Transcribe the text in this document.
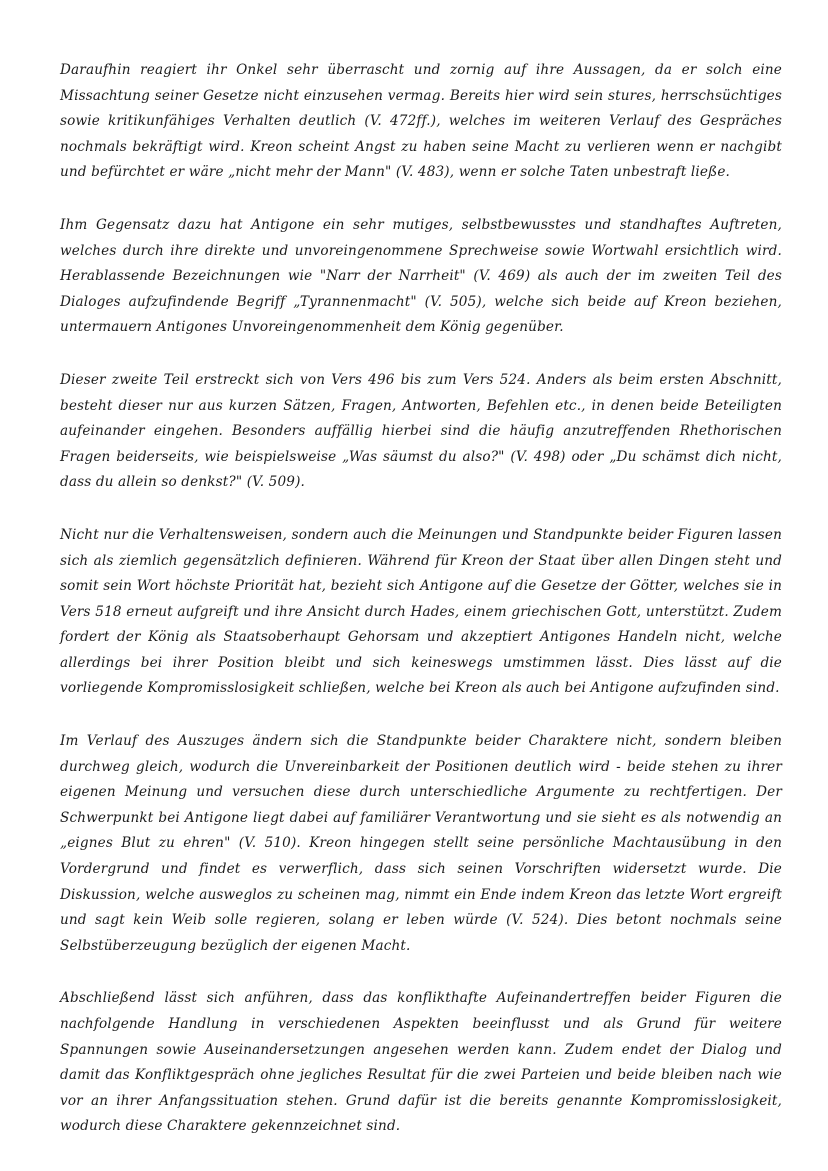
Daraufhin reagiert ihr Onkel sehr überrascht und zornig auf ihre Aussagen, da er solch eine Missachtung seiner Gesetze nicht einzusehen vermag. Bereits hier wird sein stures, herrschsüchtiges sowie kritikunfähiges Verhalten deutlich (V. 472ff.), welches im weiteren Verlauf des Gespräches nochmals bekräftigt wird. Kreon scheint Angst zu haben seine Macht zu verlieren wenn er nachgibt und befürchtet er wäre „nicht mehr der Mann" (V. 483), wenn er solche Taten unbestraft ließe.

Ihm Gegensatz dazu hat Antigone ein sehr mutiges, selbstbewusstes und standhaftes Auftreten, welches durch ihre direkte und unvoreingenommene Sprechweise sowie Wortwahl ersichtlich wird. Herablassende Bezeichnungen wie "Narr der Narrheit" (V. 469) als auch der im zweiten Teil des Dialoges aufzufindende Begriff „Tyrannenmacht" (V. 505), welche sich beide auf Kreon beziehen, untermauern Antigones Unvoreingenommenheit dem König gegenüber.

Dieser zweite Teil erstreckt sich von Vers 496 bis zum Vers 524. Anders als beim ersten Abschnitt, besteht dieser nur aus kurzen Sätzen, Fragen, Antworten, Befehlen etc., in denen beide Beteiligten aufeinander eingehen. Besonders auffällig hierbei sind die häufig anzutreffenden Rhethorischen Fragen beiderseits, wie beispielsweise „Was säumst du also?" (V. 498) oder „Du schämst dich nicht, dass du allein so denkst?" (V. 509).

Nicht nur die Verhaltensweisen, sondern auch die Meinungen und Standpunkte beider Figuren lassen sich als ziemlich gegensätzlich definieren. Während für Kreon der Staat über allen Dingen steht und somit sein Wort höchste Priorität hat, bezieht sich Antigone auf die Gesetze der Götter, welches sie in Vers 518 erneut aufgreift und ihre Ansicht durch Hades, einem griechischen Gott, unterstützt. Zudem fordert der König als Staatsoberhaupt Gehorsam und akzeptiert Antigones Handeln nicht, welche allerdings bei ihrer Position bleibt und sich keineswegs umstimmen lässt. Dies lässt auf die vorliegende Kompromisslosigkeit schließen, welche bei Kreon als auch bei Antigone aufzufinden sind.

Im Verlauf des Auszuges ändern sich die Standpunkte beider Charaktere nicht, sondern bleiben durchweg gleich, wodurch die Unvereinbarkeit der Positionen deutlich wird - beide stehen zu ihrer eigenen Meinung und versuchen diese durch unterschiedliche Argumente zu rechtfertigen. Der Schwerpunkt bei Antigone liegt dabei auf familiärer Verantwortung und sie sieht es als notwendig an „eignes Blut zu ehren" (V. 510). Kreon hingegen stellt seine persönliche Machtausübung in den Vordergrund und findet es verwerflich, dass sich seinen Vorschriften widersetzt wurde. Die Diskussion, welche ausweglos zu scheinen mag, nimmt ein Ende indem Kreon das letzte Wort ergreift und sagt kein Weib solle regieren, solang er leben würde (V. 524). Dies betont nochmals seine Selbstüberzeugung bezüglich der eigenen Macht.

Abschließend lässt sich anführen, dass das konflikthafte Aufeinandertreffen beider Figuren die nachfolgende Handlung in verschiedenen Aspekten beeinflusst und als Grund für weitere Spannungen sowie Auseinandersetzungen angesehen werden kann. Zudem endet der Dialog und damit das Konfliktgespräch ohne jegliches Resultat für die zwei Parteien und beide bleiben nach wie vor an ihrer Anfangssituation stehen. Grund dafür ist die bereits genannte Kompromisslosigkeit, wodurch diese Charaktere gekennzeichnet sind.
